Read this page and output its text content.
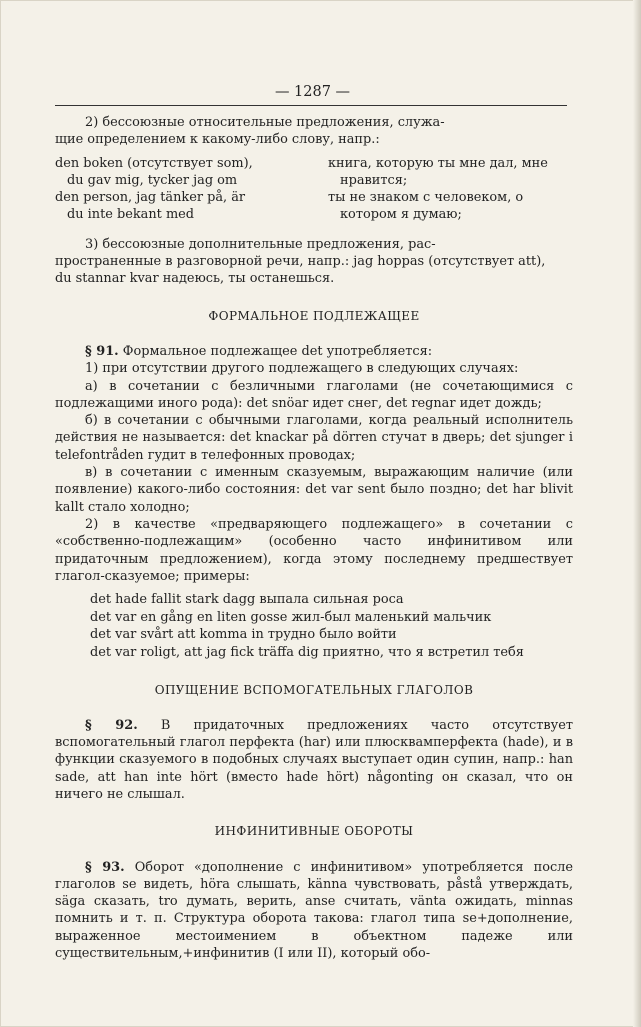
— 1287 —

2) бессоюзные относительные предложения, служа-

щие определением к какому-либо слову, напр.:

den boken (отсутствует som),
du gav mig, tycker jag om
den person, jag tänker på, är
du inte bekant med
книга, которую ты мне дал, мне
нравится;
ты не знаком с человеком, о
котором я думаю;

3) бессоюзные дополнительные предложения, рас-

пространенные в разговорной речи, напр.: jag hoppas (отсутствует att),

du stannar kvar надеюсь, ты останешься.

ФОРМАЛЬНОЕ ПОДЛЕЖАЩЕЕ

§ 91. Формальное подлежащее det употребляется:

1) при отсутствии другого подлежащего в следующих случаях:

а) в сочетании с безличными глаголами (не сочетающимися с подлежащими иного рода): det snöar идет снег, det regnar идет дождь;

б) в сочетании с обычными глаголами, когда реальный исполнитель действия не называется: det knackar på dörren стучат в дверь; det sjunger i telefontråden гудит в телефонных проводах;

в) в сочетании с именным сказуемым, выражающим наличие (или появление) какого-либо состояния: det var sent было поздно; det har blivit kallt стало холодно;

2) в качестве «предваряющего подлежащего» в сочетании с «собственно-подлежащим» (особенно часто инфинитивом или придаточным предложением), когда этому последнему предшествует глагол-сказуемое; примеры:

det hade fallit stark dagg выпала сильная роса
det var en gång en liten gosse жил-был маленький мальчик
det var svårt att komma in трудно было войти
det var roligt, att jag fick träffa dig приятно, что я встретил тебя
ОПУЩЕНИЕ ВСПОМОГАТЕЛЬНЫХ ГЛАГОЛОВ

§ 92. В придаточных предложениях часто отсутствует вспомогательный глагол перфекта (har) или плюсквамперфекта (hade), и в функции сказуемого в подобных случаях выступает один супин, напр.: han sade, att han inte hört (вместо hade hört) någonting он сказал, что он ничего не слышал.

ИНФИНИТИВНЫЕ ОБОРОТЫ

§ 93. Оборот «дополнение с инфинитивом» употребляется после глаголов se видеть, höra слышать, känna чувствовать, påstå утверждать, säga сказать, tro думать, верить, anse считать, vänta ожидать, minnas помнить и т. п. Структура оборота такова: глагол типа se+дополнение, выраженное местоимением в объектном падеже или существительным,+инфинитив (I или II), который обо-
